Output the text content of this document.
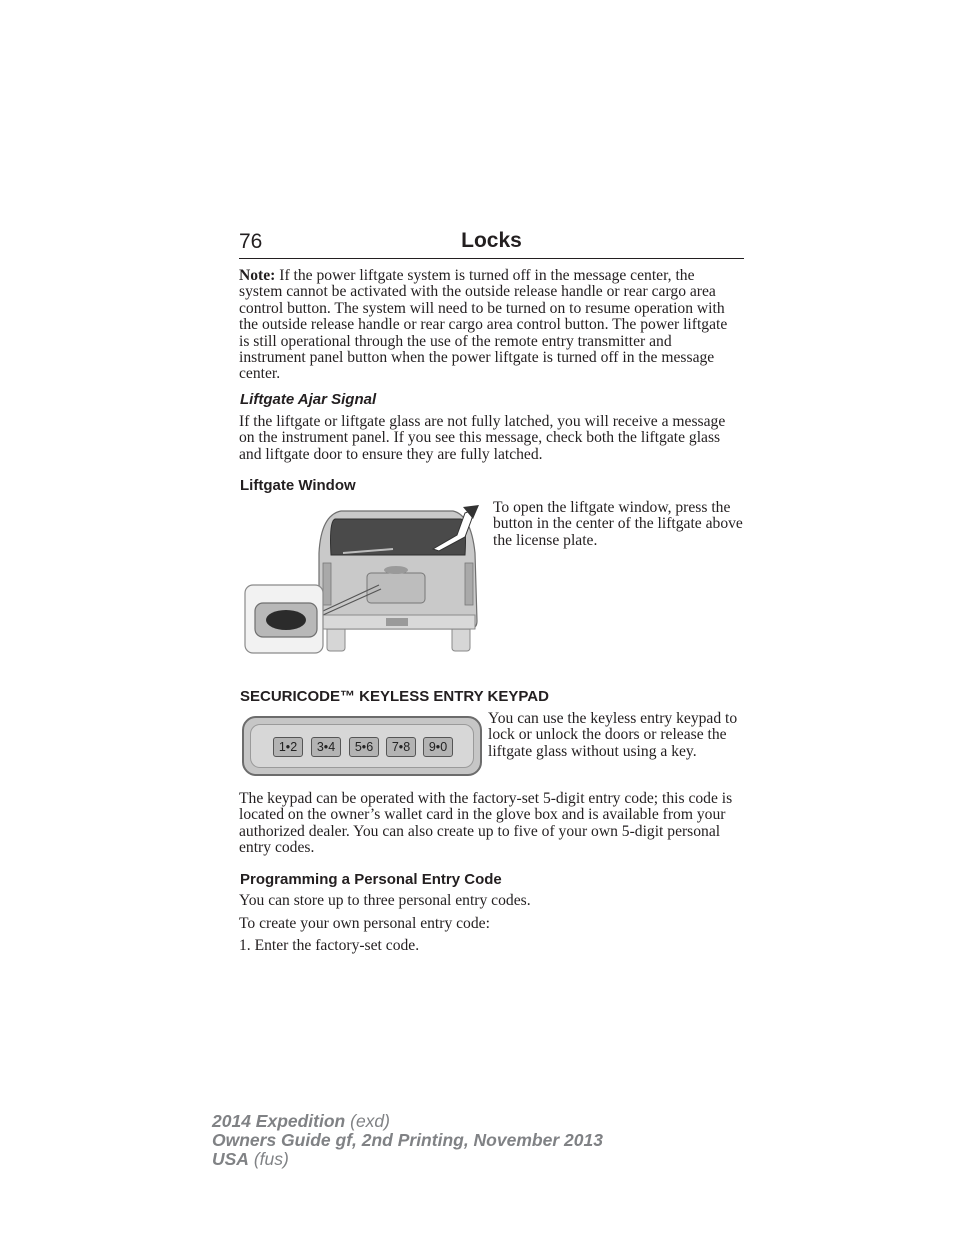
76	Locks

Note: If the power liftgate system is turned off in the message center, the system cannot be activated with the outside release handle or rear cargo area control button. The system will need to be turned on to resume operation with the outside release handle or rear cargo area control button. The power liftgate is still operational through the use of the remote entry transmitter and instrument panel button when the power liftgate is turned off in the message center.

Liftgate Ajar Signal

If the liftgate or liftgate glass are not fully latched, you will receive a message on the instrument panel. If you see this message, check both the liftgate glass and liftgate door to ensure they are fully latched.

Liftgate Window

To open the liftgate window, press the button in the center of the liftgate above the license plate.

SECURICODE™ KEYLESS ENTRY KEYPAD

You can use the keyless entry keypad to lock or unlock the doors or release the liftgate glass without using a key.

1•2	3•4	5•6	7•8	9•0

The keypad can be operated with the factory-set 5-digit entry code; this code is located on the owner’s wallet card in the glove box and is available from your authorized dealer. You can also create up to five of your own 5-digit personal entry codes.

Programming a Personal Entry Code

You can store up to three personal entry codes.

To create your own personal entry code:

1. Enter the factory-set code.

2014 Expedition (exd)
Owners Guide gf, 2nd Printing, November 2013
USA (fus)
